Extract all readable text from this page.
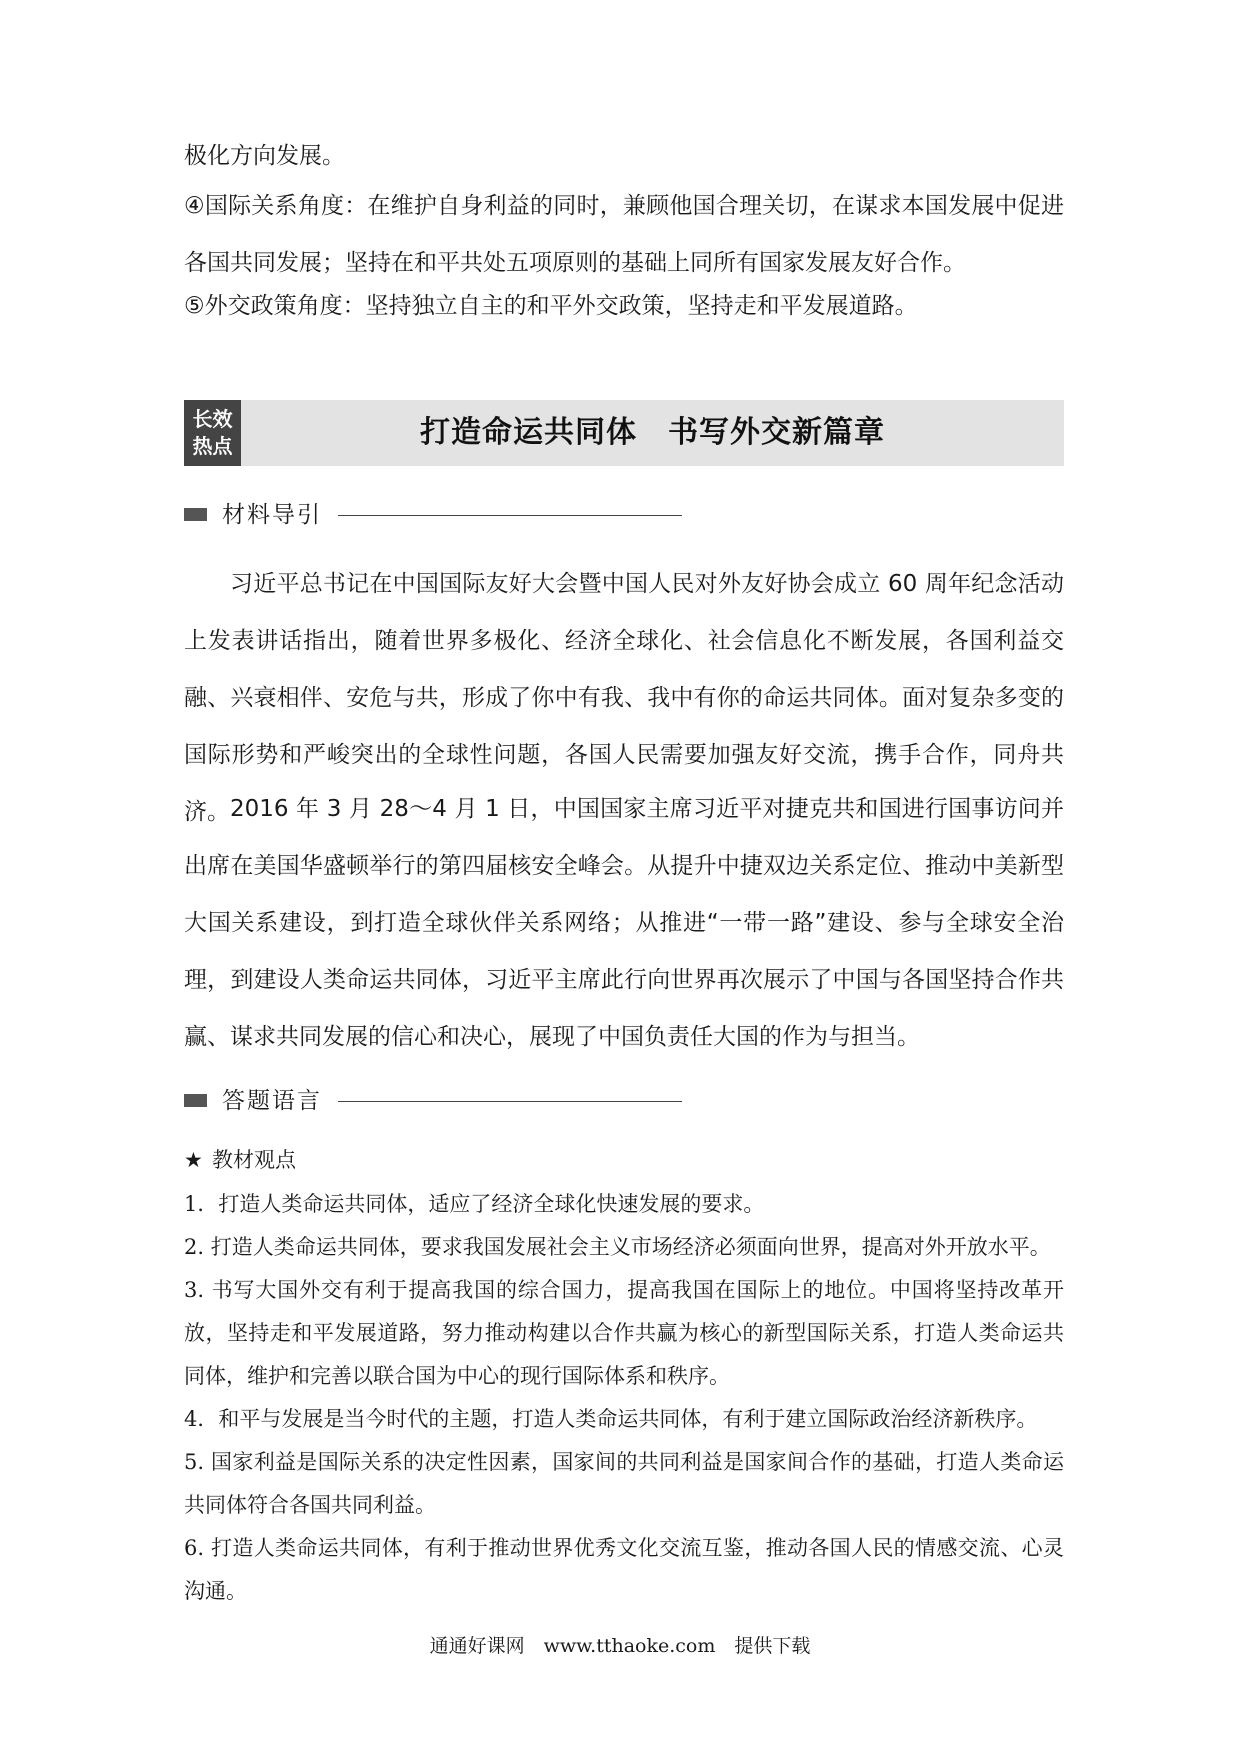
极化方向发展。

④国际关系角度：在维护自身利益的同时，兼顾他国合理关切，在谋求本国发展中促进各国共同发展；坚持在和平共处五项原则的基础上同所有国家发展友好合作。

⑤外交政策角度：坚持独立自主的和平外交政策，坚持走和平发展道路。

长效
热点	打造命运共同体　书写外交新篇章
材料导引

习近平总书记在中国国际友好大会暨中国人民对外友好协会成立 60 周年纪念活动上发表讲话指出，随着世界多极化、经济全球化、社会信息化不断发展，各国利益交融、兴衰相伴、安危与共，形成了你中有我、我中有你的命运共同体。面对复杂多变的国际形势和严峻突出的全球性问题，各国人民需要加强友好交流，携手合作，同舟共济。 2016 年 3 月 28～4 月 1 日，中国国家主席习近平对捷克共和国进行国事访问并出席在美国华盛顿举行的第四届核安全峰会。从提升中捷双边关系定位、推动中美新型大国关系建设，到打造全球伙伴关系网络；从推进“一带一路”建设、参与全球安全治理，到建设人类命运共同体，习近平主席此行向世界再次展示了中国与各国坚持合作共赢、谋求共同发展的信心和决心，展现了中国负责任大国的作为与担当。

答题语言

★ 教材观点

1．打造人类命运共同体，适应了经济全球化快速发展的要求。
2. 打造人类命运共同体，要求我国发展社会主义市场经济必须面向世界，提高对外开放水平。
3. 书写大国外交有利于提高我国的综合国力，提高我国在国际上的地位。中国将坚持改革开放，坚持走和平发展道路，努力推动构建以合作共赢为核心的新型国际关系，打造人类命运共同体，维护和完善以联合国为中心的现行国际体系和秩序。
4．和平与发展是当今时代的主题，打造人类命运共同体，有利于建立国际政治经济新秩序。
5. 国家利益是国际关系的决定性因素，国家间的共同利益是国家间合作的基础，打造人类命运共同体符合各国共同利益。
6. 打造人类命运共同体，有利于推动世界优秀文化交流互鉴，推动各国人民的情感交流、心灵沟通。
通通好课网　www.tthaoke.com　提供下载
